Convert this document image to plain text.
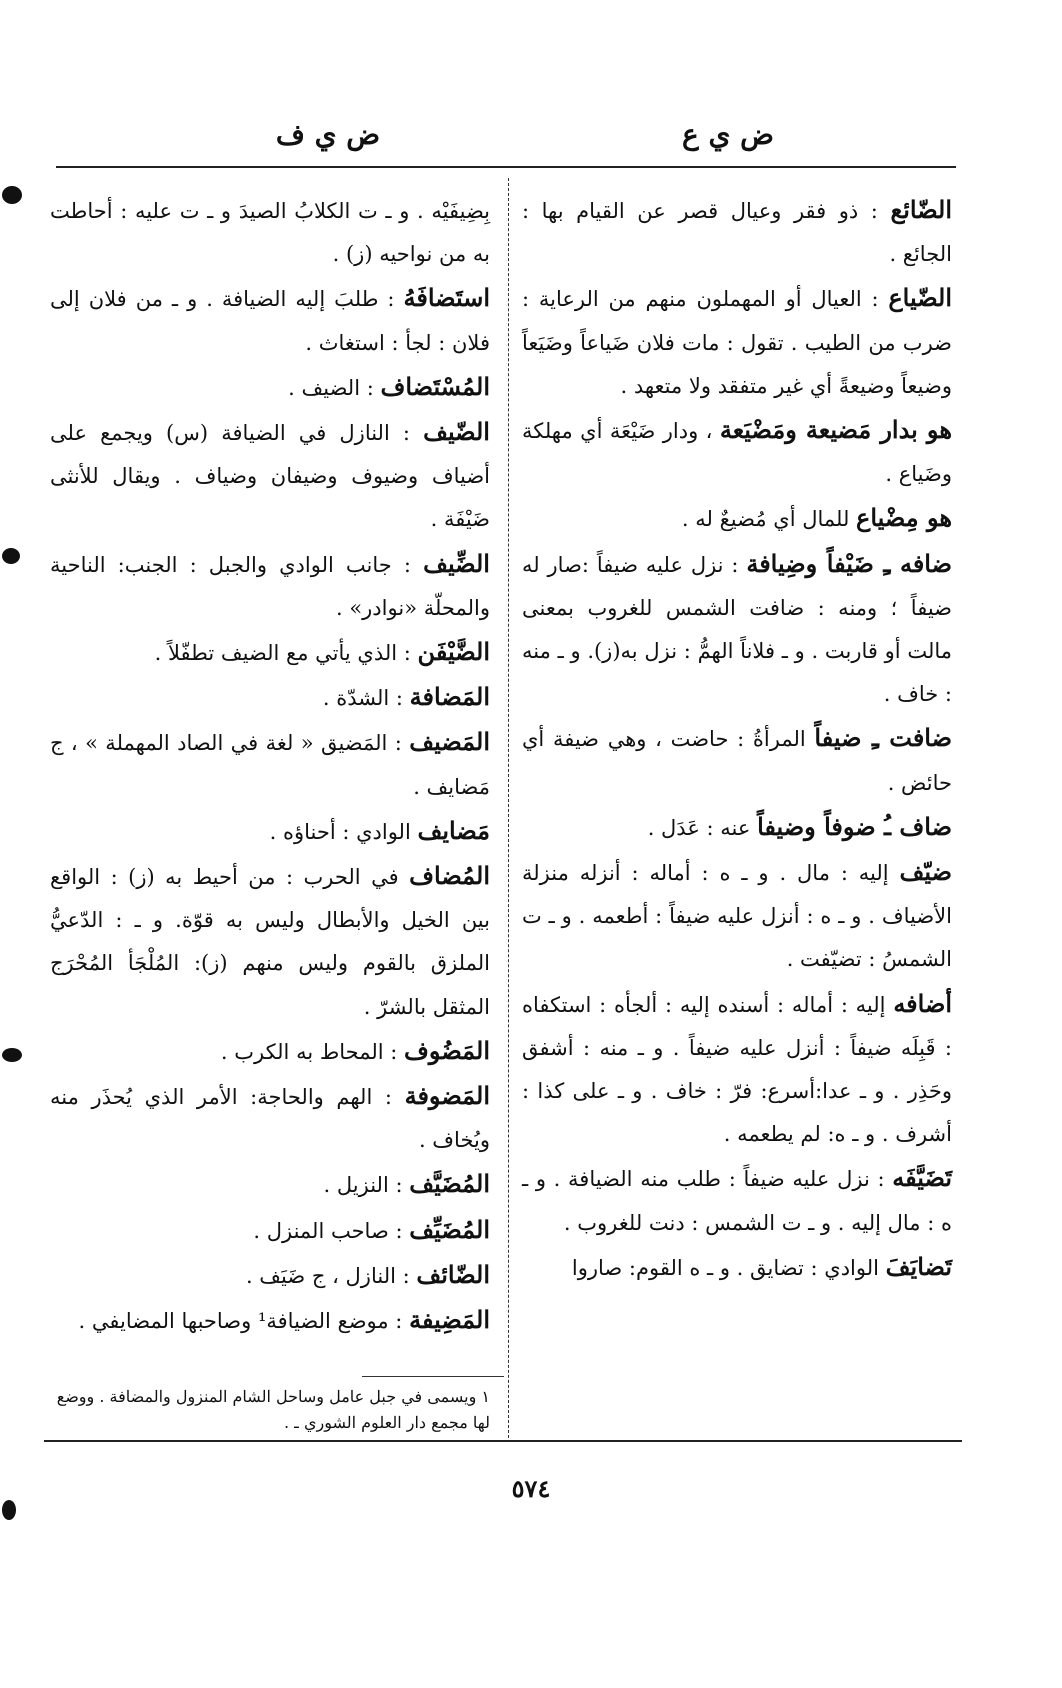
ض ي ع
ض ي ف

الضّائع : ذو فقر وعيال قصر عن القيام بها : الجائع .

الضّياع : العيال أو المهملون منهم من الرعاية : ضرب من الطيب . تقول : مات فلان ضَياعاً وضَيَعاً وضيعاً وضيعةً أي غير متفقد ولا متعهد .

هو بدار مَضيعة ومَضْيَعة ، ودار ضَيْعَة أي مهلكة وضَياع .

هو مِضْياع للمال أي مُضيعٌ له .

ضافه ـِ ضَيْفاً وضِيافة : نزل عليه ضيفاً :صار له ضيفاً ؛ ومنه : ضافت الشمس للغروب بمعنى مالت أو قاربت . و ـ فلاناً الهمُّ : نزل به(ز). و ـ منه : خاف .

ضافت ـِ ضيفاً المرأةُ : حاضت ، وهي ضيفة أي حائض .

ضاف ـُ ضوفاً وضيفاً عنه : عَدَل .

ضيّف إليه : مال . و ـ ه : أماله : أنزله منزلة الأضياف . و ـ ه : أنزل عليه ضيفاً : أطعمه . و ـ ت الشمسُ : تضيّفت .

أضافه إليه : أماله : أسنده إليه : ألجأه : استكفاه : قَبِلَه ضيفاً : أنزل عليه ضيفاً . و ـ منه : أشفق وحَذِر . و ـ عدا:أسرع: فرّ : خاف . و ـ على كذا : أشرف . و ـ ه: لم يطعمه .

تَضَيَّفَه : نزل عليه ضيفاً : طلب منه الضيافة . و ـ ه : مال إليه . و ـ ت الشمس : دنت للغروب .

تَضايَفَ الوادي : تضايق . و ـ ه القوم: صاروا

بِضِيفَيْه . و ـ ت الكلابُ الصيدَ و ـ ت عليه : أحاطت به من نواحيه (ز) .

استَضافَهُ : طلبَ إليه الضيافة . و ـ من فلان إلى فلان : لجأ : استغاث .

المُسْتَضاف : الضيف .

الضّيف : النازل في الضيافة (س) ويجمع على أضياف وضيوف وضيفان وضياف . ويقال للأنثى ضَيْفَة .

الضِّيف : جانب الوادي والجبل : الجنب: الناحية والمحلّة «نوادر» .

الضَّيْفَن : الذي يأتي مع الضيف تطفّلاً .

المَضافة : الشدّة .

المَضيف : المَضيق « لغة في الصاد المهملة » ، ج مَضايف .

مَضايف الوادي : أحناؤه .

المُضاف في الحرب : من أحيط به (ز) : الواقع بين الخيل والأبطال وليس به قوّة. و ـ : الدّعيُّ الملزق بالقوم وليس منهم (ز): المُلْجَأ المُحْرَج المثقل بالشرّ .

المَضُوف : المحاط به الكرب .

المَضوفة : الهم والحاجة: الأمر الذي يُحذَر منه ويُخاف .

المُضَيَّف : النزيل .

المُضَيِّف : صاحب المنزل .

الضّائف : النازل ، ج ضَيَف .

المَضِيفة : موضع الضيافة¹ وصاحبها المضايفي .

١ ويسمى في جبل عامل وساحل الشام المنزول والمضافة . ووضع لها مجمع دار العلوم الشوري ـ .
٥٧٤
